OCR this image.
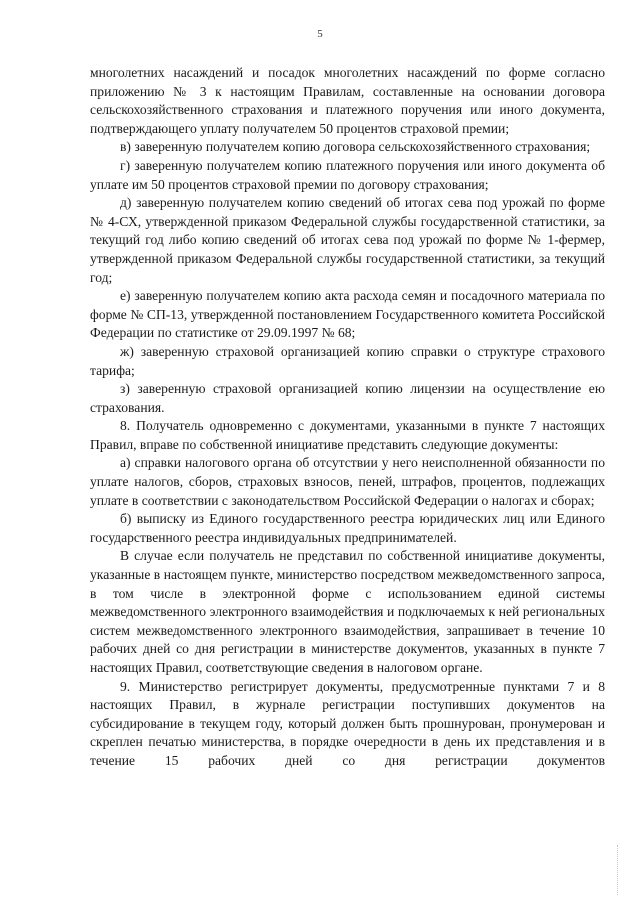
5

многолетних насаждений и посадок многолетних насаждений по форме согласно приложению № 3 к настоящим Правилам, составленные на основании договора сельскохозяйственного страхования и платежного поручения или иного документа, подтверждающего уплату получателем 50 процентов страховой премии;

в) заверенную получателем копию договора сельскохозяйственного страхования;

г) заверенную получателем копию платежного поручения или иного документа об уплате им 50 процентов страховой премии по договору страхования;

д) заверенную получателем копию сведений об итогах сева под урожай по форме № 4-СХ, утвержденной приказом Федеральной службы государственной статистики, за текущий год либо копию сведений об итогах сева под урожай по форме № 1-фермер, утвержденной приказом Федеральной службы государственной статистики, за текущий год;

е) заверенную получателем копию акта расхода семян и посадочного материала по форме № СП-13, утвержденной постановлением Государственного комитета Российской Федерации по статистике от 29.09.1997 № 68;

ж) заверенную страховой организацией копию справки о структуре страхового тарифа;

з) заверенную страховой организацией копию лицензии на осуществление ею страхования.

8. Получатель одновременно с документами, указанными в пункте 7 настоящих Правил, вправе по собственной инициативе представить следующие документы:

а) справки налогового органа об отсутствии у него неисполненной обязанности по уплате налогов, сборов, страховых взносов, пеней, штрафов, процентов, подлежащих уплате в соответствии с законодательством Российской Федерации о налогах и сборах;

б) выписку из Единого государственного реестра юридических лиц или Единого государственного реестра индивидуальных предпринимателей.

В случае если получатель не представил по собственной инициативе документы, указанные в настоящем пункте, министерство посредством межведомственного запроса, в том числе в электронной форме с использованием единой системы межведомственного электронного взаимодействия и подключаемых к ней региональных систем межведомственного электронного взаимодействия, запрашивает в течение 10 рабочих дней со дня регистрации в министерстве документов, указанных в пункте 7 настоящих Правил, соответствующие сведения в налоговом органе.

9. Министерство регистрирует документы, предусмотренные пунктами 7 и 8 настоящих Правил, в журнале регистрации поступивших документов на субсидирование в текущем году, который должен быть прошнурован, пронумерован и скреплен печатью министерства, в порядке очередности в день их представления и в течение 15 рабочих дней со дня регистрации документов
